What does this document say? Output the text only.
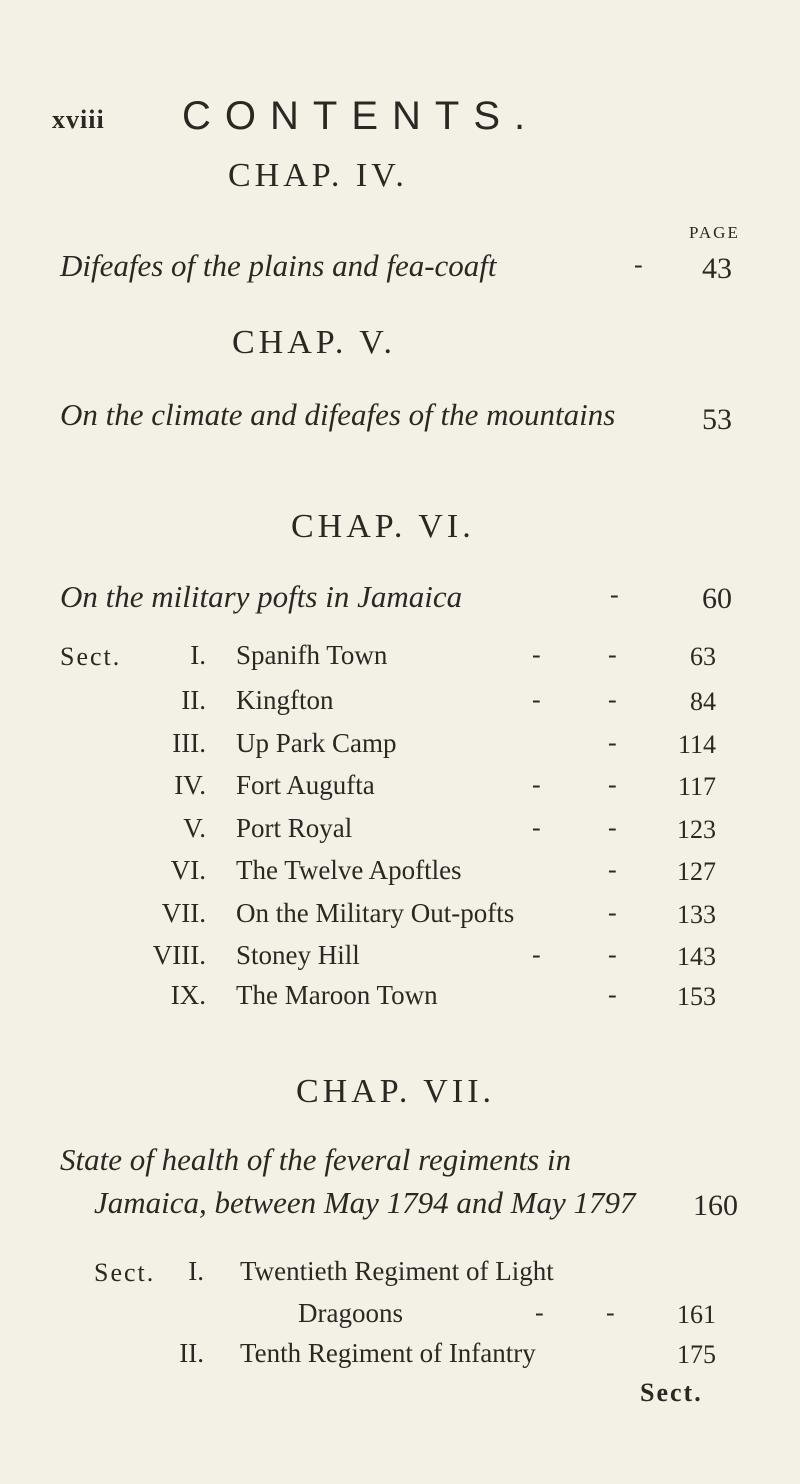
xviii CONTENTS.
CHAP. IV.
PAGE
Difeafes of the plains and fea-coaft	-	43
CHAP. V.
On the climate and difeafes of the mountains	53
CHAP. VI.
On the military pofts in Jamaica	-	60
Sect.	I. Spanifh Town	-	-	63
II. Kingfton	-	-	84
III. Up Park Camp	-	114
IV. Fort Augufta	-	-	117
V. Port Royal	-	-	123
VI. The Twelve Apoftles	-	127
VII. On the Military Out-pofts	-	133
VIII. Stoney Hill	-	-	143
IX. The Maroon Town	-	153
CHAP. VII.
State of health of the feveral regiments in
Jamaica, between May 1794 and May 1797	160
Sect.	I. Twentieth Regiment of Light
Dragoons	- -	161
II. Tenth Regiment of Infantry	175
Sect.
